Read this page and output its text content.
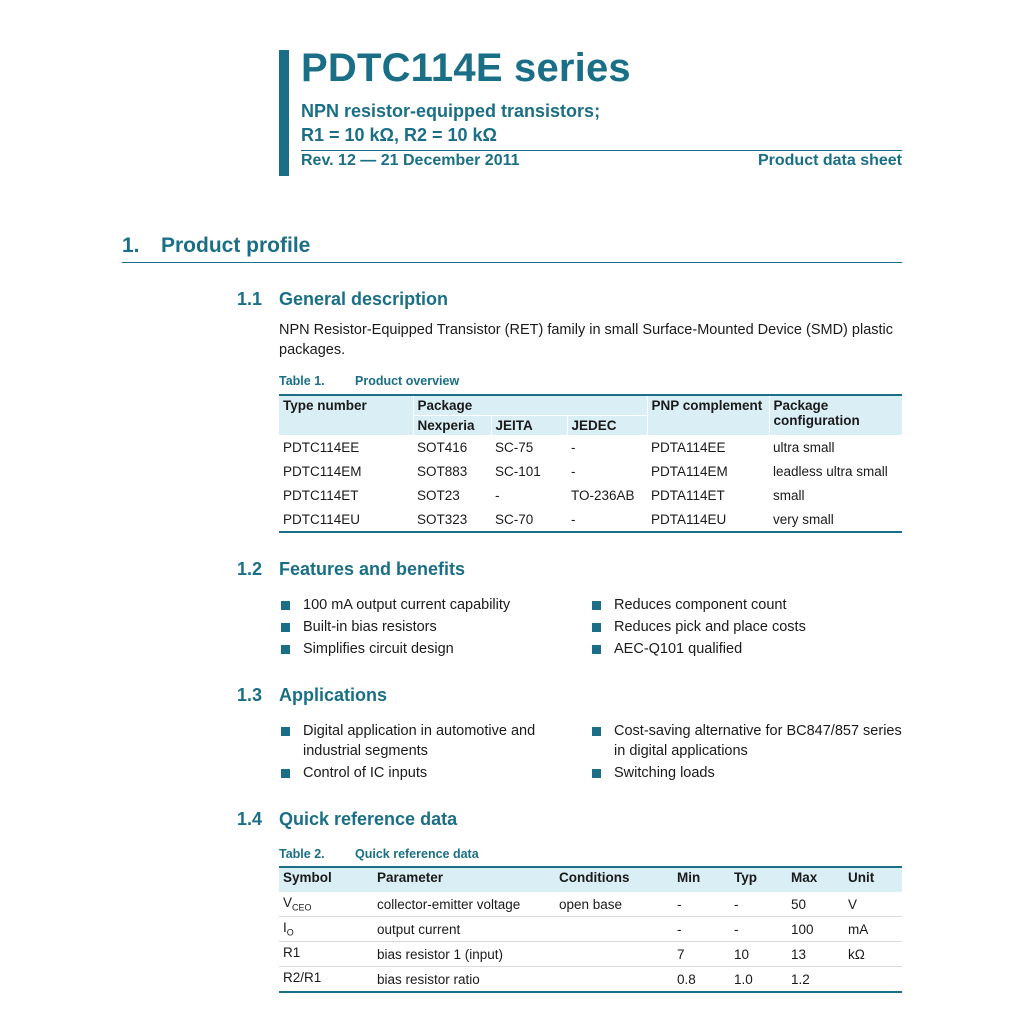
PDTC114E series
NPN resistor-equipped transistors;
R1 = 10 kΩ, R2 = 10 kΩ
Rev. 12 — 21 December 2011	Product data sheet
1. Product profile
1.1 General description
NPN Resistor-Equipped Transistor (RET) family in small Surface-Mounted Device (SMD) plastic packages.
Table 1. Product overview
Type number	Package			PNP complement	Package configuration
	Nexperia	JEITA	JEDEC		
PDTC114EE	SOT416	SC-75	-	PDTA114EE	ultra small
PDTC114EM	SOT883	SC-101	-	PDTA114EM	leadless ultra small
PDTC114ET	SOT23	-	TO-236AB	PDTA114ET	small
PDTC114EU	SOT323	SC-70	-	PDTA114EU	very small
1.2 Features and benefits
100 mA output current capability
Built-in bias resistors
Simplifies circuit design
Reduces component count
Reduces pick and place costs
AEC-Q101 qualified
1.3 Applications
Digital application in automotive and industrial segments
Control of IC inputs
Cost-saving alternative for BC847/857 series in digital applications
Switching loads
1.4 Quick reference data
Table 2. Quick reference data
Symbol	Parameter	Conditions	Min	Typ	Max	Unit
$V_{CEO}$	collector-emitter voltage	open base	-	-	50	V
$I_O$	output current		-	-	100	mA
R1	bias resistor 1 (input)		7	10	13	kΩ
R2/R1	bias resistor ratio		0.8	1.0	1.2	
